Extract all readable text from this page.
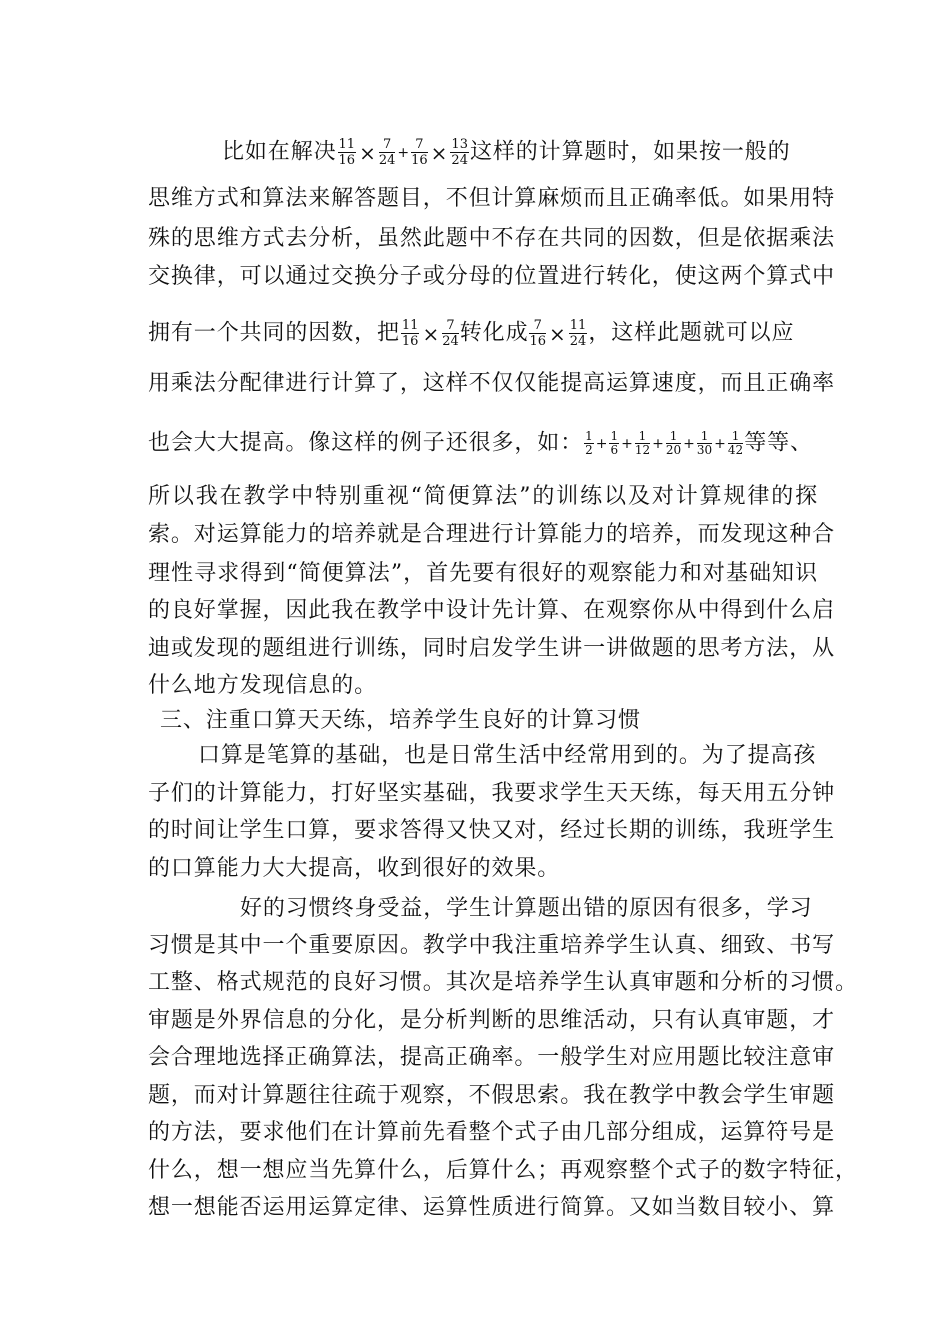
比如在解决 $\frac{11}{16} \times \frac{7}{24} + \frac{7}{16} \times \frac{13}{24}$ 这样的计算题时，如果按一般的
思维方式和算法来解答题目，不但计算麻烦而且正确率低。如果用特
殊的思维方式去分析，虽然此题中不存在共同的因数，但是依据乘法
交换律，可以通过交换分子或分母的位置进行转化，使这两个算式中
拥有一个共同的因数，把 $\frac{11}{16} \times \frac{7}{24}$ 转化成 $\frac{7}{16} \times \frac{11}{24}$ ，这样此题就可以应
用乘法分配律进行计算了，这样不仅仅能提高运算速度，而且正确率
也会大大提高。像这样的例子还很多，如： $\frac{1}{2} + \frac{1}{6} + \frac{1}{12} + \frac{1}{20} + \frac{1}{30} + \frac{1}{42}$ 等等、
所以我在教学中特别重视“简便算法”的训练以及对计算规律的探
索。对运算能力的培养就是合理进行计算能力的培养，而发现这种合
理性寻求得到“简便算法”，首先要有很好的观察能力和对基础知识
的良好掌握，因此我在教学中设计先计算、在观察你从中得到什么启
迪或发现的题组进行训练，同时启发学生讲一讲做题的思考方法，从
什么地方发现信息的。
三、注重口算天天练，培养学生良好的计算习惯
口算是笔算的基础，也是日常生活中经常用到的。为了提高孩
子们的计算能力，打好坚实基础，我要求学生天天练，每天用五分钟
的时间让学生口算，要求答得又快又对，经过长期的训练，我班学生
的口算能力大大提高，收到很好的效果。
好的习惯终身受益，学生计算题出错的原因有很多，学习
习惯是其中一个重要原因。教学中我注重培养学生认真、细致、书写
工整、格式规范的良好习惯。其次是培养学生认真审题和分析的习惯。
审题是外界信息的分化，是分析判断的思维活动，只有认真审题，才
会合理地选择正确算法，提高正确率。一般学生对应用题比较注意审
题，而对计算题往往疏于观察，不假思索。我在教学中教会学生审题
的方法，要求他们在计算前先看整个式子由几部分组成，运算符号是
什么，想一想应当先算什么，后算什么；再观察整个式子的数字特征，
想一想能否运用运算定律、运算性质进行简算。又如当数目较小、算
